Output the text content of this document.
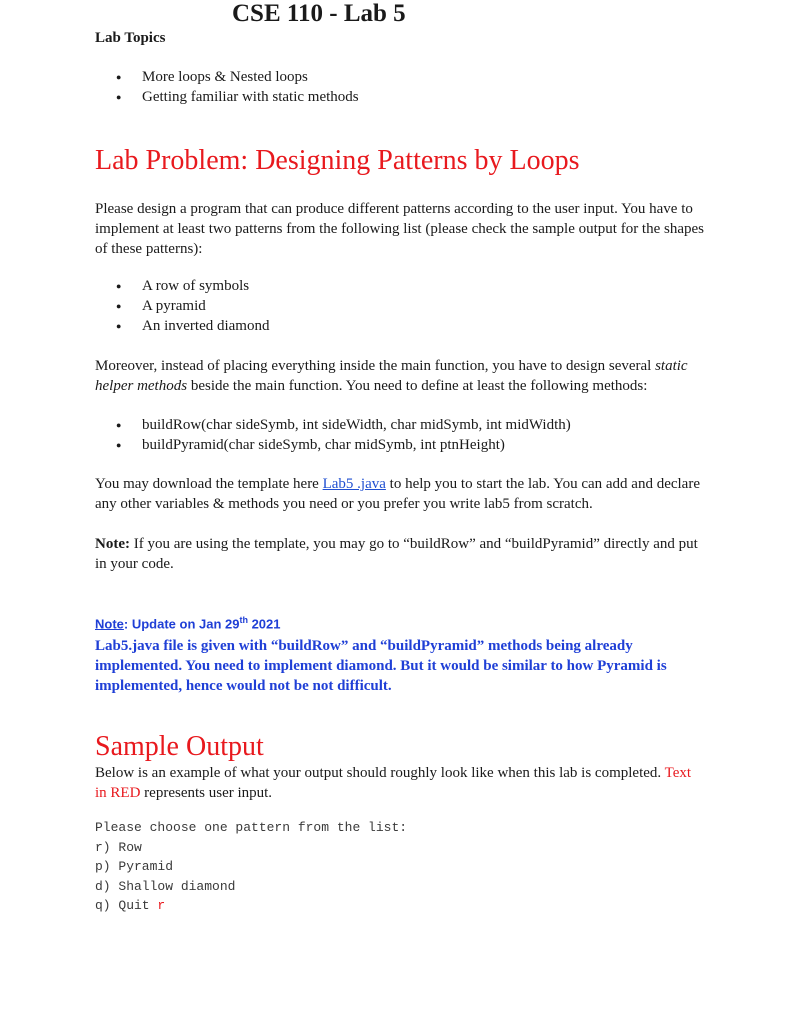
CSE 110 - Lab 5
Lab Topics
● More loops & Nested loops
● Getting familiar with static methods
Lab Problem: Designing Patterns by Loops
Please design a program that can produce different patterns according to the user input. You have to implement at least two patterns from the following list (please check the sample output for the shapes of these patterns):
● A row of symbols
● A pyramid
● An inverted diamond
Moreover, instead of placing everything inside the main function, you have to design several static helper methods beside the main function. You need to define at least the following methods:
● buildRow(char sideSymb, int sideWidth, char midSymb, int midWidth)
● buildPyramid(char sideSymb, char midSymb, int ptnHeight)
You may download the template here Lab5 .java to help you to start the lab. You can add and declare any other variables & methods you need or you prefer you write lab5 from scratch.
Note: If you are using the template, you may go to “buildRow” and “buildPyramid” directly and put in your code.
Note: Update on Jan 29th 2021
Lab5.java file is given with “buildRow” and “buildPyramid” methods being already implemented. You need to implement diamond. But it would be similar to how Pyramid is implemented, hence would not be not difficult.
Sample Output
Below is an example of what your output should roughly look like when this lab is completed. Text in RED represents user input.
Please choose one pattern from the list:
r) Row
p) Pyramid
d) Shallow diamond
q) Quit r
